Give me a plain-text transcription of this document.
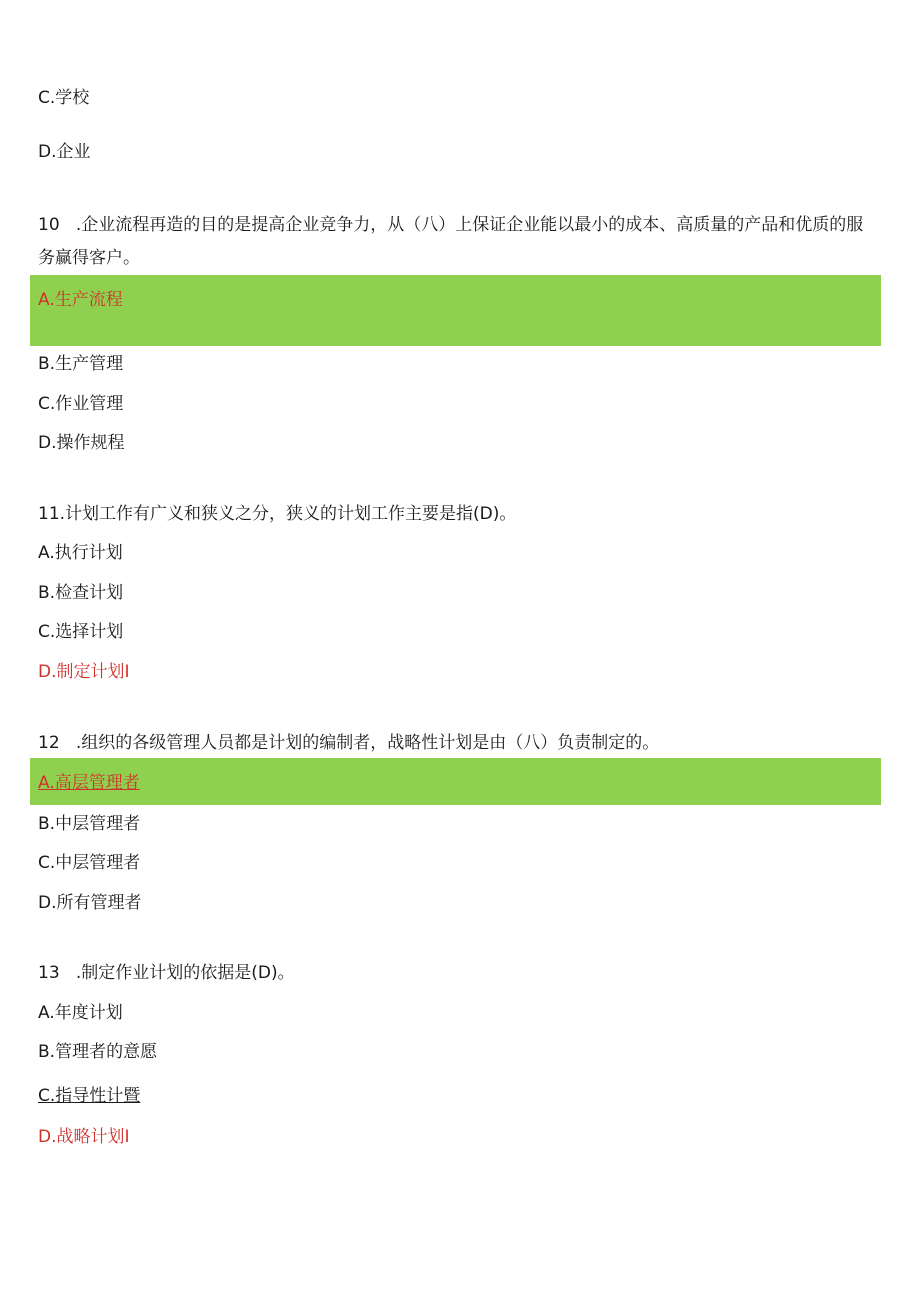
C.学校
D.企业
10 .企业流程再造的目的是提高企业竞争力，从（八）上保证企业能以最小的成本、高质量的产品和优质的服务赢得客户。
A.生产流程
B.生产管理
C.作业管理
D.操作规程
11.计划工作有广义和狭义之分，狭义的计划工作主要是指(D)。
A.执行计划
B.检查计划
C.选择计划
D.制定计划I
12 .组织的各级管理人员都是计划的编制者，战略性计划是由（八）负责制定的。
A.高层管理者
B.中层管理者
C.中层管理者
D.所有管理者
13 .制定作业计划的依据是(D)。
A.年度计划
B.管理者的意愿
C.指导性计暨
D.战略计划I
